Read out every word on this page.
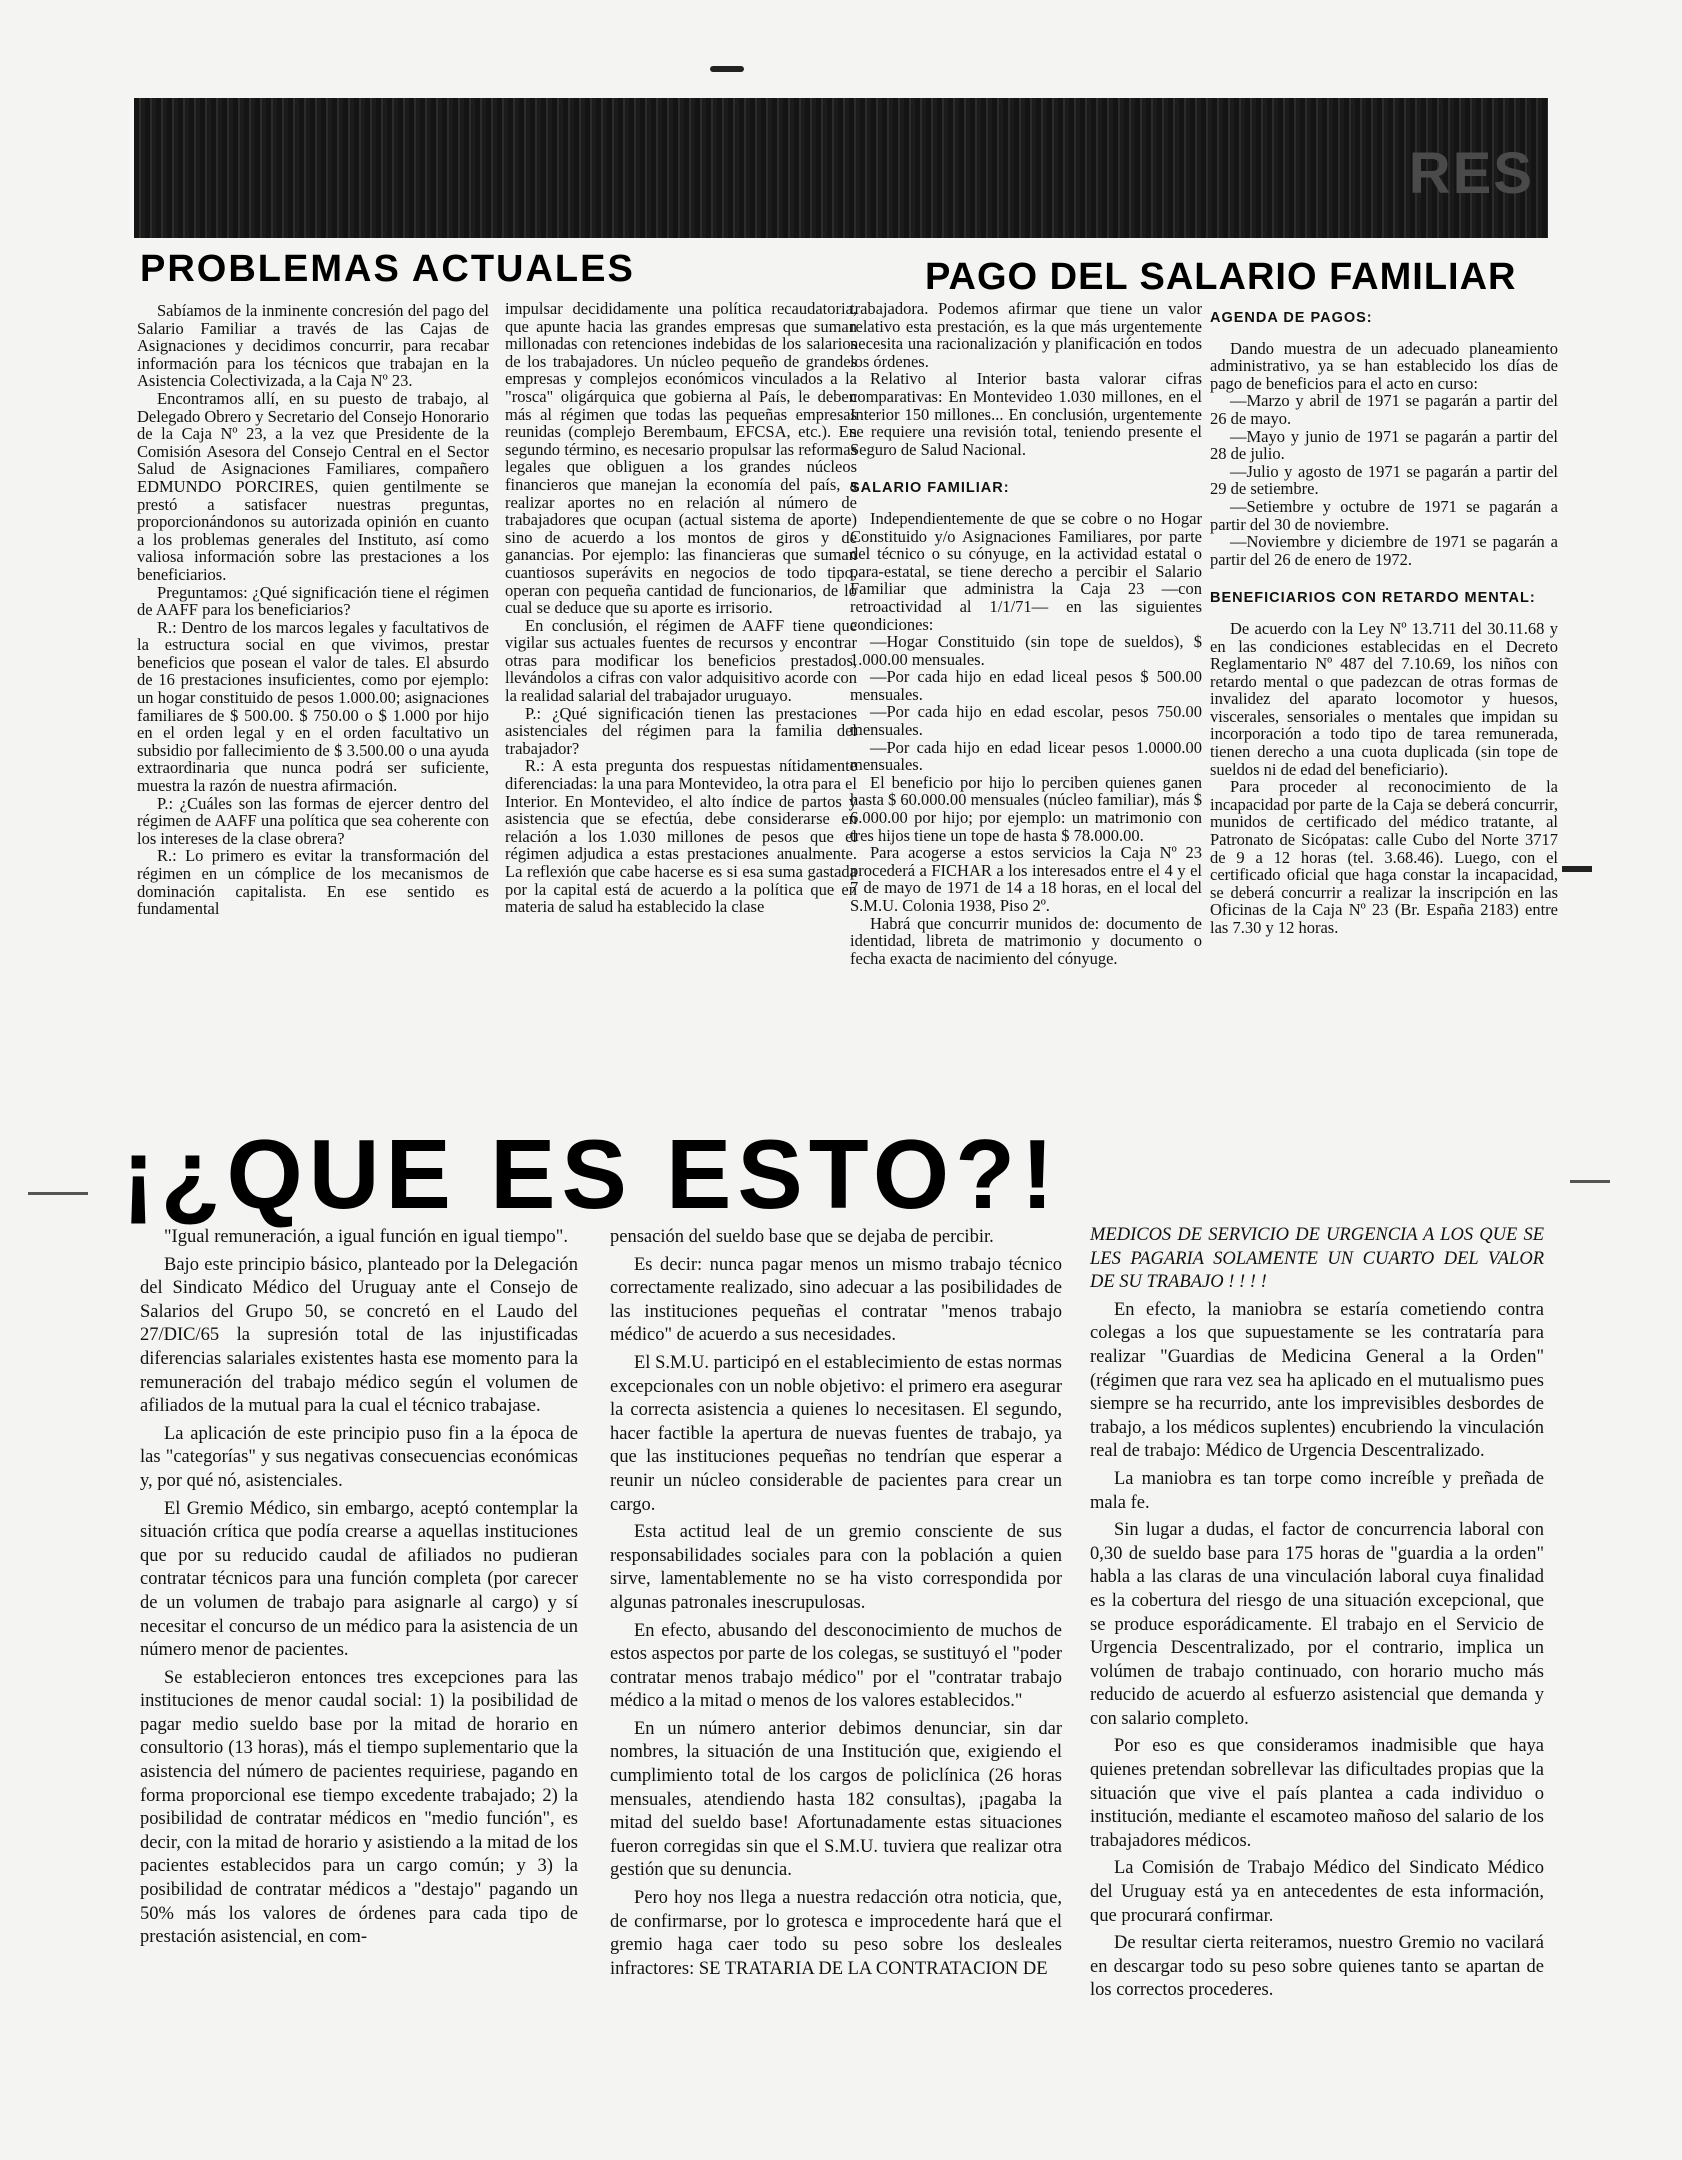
RES
PROBLEMAS ACTUALES	PAGO DEL SALARIO FAMILIAR

Sabíamos de la inminente concresión del pago del Salario Familiar a través de las Cajas de Asignaciones y decidimos concurrir, para recabar información para los técnicos que trabajan en la Asistencia Colectivizada, a la Caja Nº 23.

Encontramos allí, en su puesto de trabajo, al Delegado Obrero y Secretario del Consejo Honorario de la Caja Nº 23, a la vez que Presidente de la Comisión Asesora del Consejo Central en el Sector Salud de Asignaciones Familiares, compañero EDMUNDO PORCIRES, quien gentilmente se prestó a satisfacer nuestras preguntas, proporcionándonos su autorizada opinión en cuanto a los problemas generales del Instituto, así como valiosa información sobre las prestaciones a los beneficiarios.

Preguntamos: ¿Qué significación tiene el régimen de AAFF para los beneficiarios?

R.: Dentro de los marcos legales y facultativos de la estructura social en que vivimos, prestar beneficios que posean el valor de tales. El absurdo de 16 prestaciones insuficientes, como por ejemplo: un hogar constituido de pesos 1.000.00; asignaciones familiares de $ 500.00. $ 750.00 o $ 1.000 por hijo en el orden legal y en el orden facultativo un subsidio por fallecimiento de $ 3.500.00 o una ayuda extraordinaria que nunca podrá ser suficiente, muestra la razón de nuestra afirmación.

P.: ¿Cuáles son las formas de ejercer dentro del régimen de AAFF una política que sea coherente con los intereses de la clase obrera?

R.: Lo primero es evitar la transformación del régimen en un cómplice de los mecanismos de dominación capitalista. En ese sentido es fundamental

impulsar decididamente una política recaudatoria, que apunte hacia las grandes empresas que suman millonadas con retenciones indebidas de los salarios de los trabajadores. Un núcleo pequeño de grandes empresas y complejos económicos vinculados a la "rosca" oligárquica que gobierna al País, le deben más al régimen que todas las pequeñas empresas reunidas (complejo Berembaum, EFCSA, etc.). En segundo término, es necesario propulsar las reformas legales que obliguen a los grandes núcleos financieros que manejan la economía del país, a realizar aportes no en relación al número de trabajadores que ocupan (actual sistema de aporte) sino de acuerdo a los montos de giros y de ganancias. Por ejemplo: las financieras que suman cuantiosos superávits en negocios de todo tipo, operan con pequeña cantidad de funcionarios, de lo cual se deduce que su aporte es irrisorio.

En conclusión, el régimen de AAFF tiene que vigilar sus actuales fuentes de recursos y encontrar otras para modificar los beneficios prestados, llevándolos a cifras con valor adquisitivo acorde con la realidad salarial del trabajador uruguayo.

P.: ¿Qué significación tienen las prestaciones asistenciales del régimen para la familia del trabajador?

R.: A esta pregunta dos respuestas nítidamente diferenciadas: la una para Montevideo, la otra para el Interior. En Montevideo, el alto índice de partos y asistencia que se efectúa, debe considerarse en relación a los 1.030 millones de pesos que el régimen adjudica a estas prestaciones anualmente. La reflexión que cabe hacerse es si esa suma gastada por la capital está de acuerdo a la política que en materia de salud ha establecido la clase

trabajadora. Podemos afirmar que tiene un valor relativo esta prestación, es la que más urgentemente necesita una racionalización y planificación en todos los órdenes.

Relativo al Interior basta valorar cifras comparativas: En Montevideo 1.030 millones, en el Interior 150 millones... En conclusión, urgentemente se requiere una revisión total, teniendo presente el Seguro de Salud Nacional.

SALARIO FAMILIAR:

Independientemente de que se cobre o no Hogar Constituido y/o Asignaciones Familiares, por parte del técnico o su cónyuge, en la actividad estatal o para-estatal, se tiene derecho a percibir el Salario Familiar que administra la Caja 23 —con retroactividad al 1/1/71— en las siguientes condiciones:

—Hogar Constituido (sin tope de sueldos), $ 1.000.00 mensuales.

—Por cada hijo en edad liceal pesos $ 500.00 mensuales.

—Por cada hijo en edad escolar, pesos 750.00 mensuales.

—Por cada hijo en edad licear pesos 1.0000.00 mensuales.

El beneficio por hijo lo perciben quienes ganen hasta $ 60.000.00 mensuales (núcleo familiar), más $ 6.000.00 por hijo; por ejemplo: un matrimonio con tres hijos tiene un tope de hasta $ 78.000.00.

Para acogerse a estos servicios la Caja Nº 23 procederá a FICHAR a los interesados entre el 4 y el 7 de mayo de 1971 de 14 a 18 horas, en el local del S.M.U. Colonia 1938, Piso 2º.

Habrá que concurrir munidos de: documento de identidad, libreta de matrimonio y documento o fecha exacta de nacimiento del cónyuge.

AGENDA DE PAGOS:

Dando muestra de un adecuado planeamiento administrativo, ya se han establecido los días de pago de beneficios para el acto en curso:

—Marzo y abril de 1971 se pagarán a partir del 26 de mayo.

—Mayo y junio de 1971 se pagarán a partir del 28 de julio.

—Julio y agosto de 1971 se pagarán a partir del 29 de setiembre.

—Setiembre y octubre de 1971 se pagarán a partir del 30 de noviembre.

—Noviembre y diciembre de 1971 se pagarán a partir del 26 de enero de 1972.

BENEFICIARIOS CON RETARDO MENTAL:

De acuerdo con la Ley Nº 13.711 del 30.11.68 y en las condiciones establecidas en el Decreto Reglamentario Nº 487 del 7.10.69, los niños con retardo mental o que padezcan de otras formas de invalidez del aparato locomotor y huesos, viscerales, sensoriales o mentales que impidan su incorporación a todo tipo de tarea remunerada, tienen derecho a una cuota duplicada (sin tope de sueldos ni de edad del beneficiario).

Para proceder al reconocimiento de la incapacidad por parte de la Caja se deberá concurrir, munidos de certificado del médico tratante, al Patronato de Sicópatas: calle Cubo del Norte 3717 de 9 a 12 horas (tel. 3.68.46). Luego, con el certificado oficial que haga constar la incapacidad, se deberá concurrir a realizar la inscripción en las Oficinas de la Caja Nº 23 (Br. España 2183) entre las 7.30 y 12 horas.

¡¿QUE ES ESTO?!

"Igual remuneración, a igual función en igual tiempo".

Bajo este principio básico, planteado por la Delegación del Sindicato Médico del Uruguay ante el Consejo de Salarios del Grupo 50, se concretó en el Laudo del 27/DIC/65 la supresión total de las injustificadas diferencias salariales existentes hasta ese momento para la remuneración del trabajo médico según el volumen de afiliados de la mutual para la cual el técnico trabajase.

La aplicación de este principio puso fin a la época de las "categorías" y sus negativas consecuencias económicas y, por qué nó, asistenciales.

El Gremio Médico, sin embargo, aceptó contemplar la situación crítica que podía crearse a aquellas instituciones que por su reducido caudal de afiliados no pudieran contratar técnicos para una función completa (por carecer de un volumen de trabajo para asignarle al cargo) y sí necesitar el concurso de un médico para la asistencia de un número menor de pacientes.

Se establecieron entonces tres excepciones para las instituciones de menor caudal social: 1) la posibilidad de pagar medio sueldo base por la mitad de horario en consultorio (13 horas), más el tiempo suplementario que la asistencia del número de pacientes requiriese, pagando en forma proporcional ese tiempo excedente trabajado; 2) la posibilidad de contratar médicos en "medio función", es decir, con la mitad de horario y asistiendo a la mitad de los pacientes establecidos para un cargo común; y 3) la posibilidad de contratar médicos a "destajo" pagando un 50% más los valores de órdenes para cada tipo de prestación asistencial, en com-

pensación del sueldo base que se dejaba de percibir.

Es decir: nunca pagar menos un mismo trabajo técnico correctamente realizado, sino adecuar a las posibilidades de las instituciones pequeñas el contratar "menos trabajo médico" de acuerdo a sus necesidades.

El S.M.U. participó en el establecimiento de estas normas excepcionales con un noble objetivo: el primero era asegurar la correcta asistencia a quienes lo necesitasen. El segundo, hacer factible la apertura de nuevas fuentes de trabajo, ya que las instituciones pequeñas no tendrían que esperar a reunir un núcleo considerable de pacientes para crear un cargo.

Esta actitud leal de un gremio consciente de sus responsabilidades sociales para con la población a quien sirve, lamentablemente no se ha visto correspondida por algunas patronales inescrupulosas.

En efecto, abusando del desconocimiento de muchos de estos aspectos por parte de los colegas, se sustituyó el "poder contratar menos trabajo médico" por el "contratar trabajo médico a la mitad o menos de los valores establecidos."

En un número anterior debimos denunciar, sin dar nombres, la situación de una Institución que, exigiendo el cumplimiento total de los cargos de policlínica (26 horas mensuales, atendiendo hasta 182 consultas), ¡pagaba la mitad del sueldo base! Afortunadamente estas situaciones fueron corregidas sin que el S.M.U. tuviera que realizar otra gestión que su denuncia.

Pero hoy nos llega a nuestra redacción otra noticia, que, de confirmarse, por lo grotesca e improcedente hará que el gremio haga caer todo su peso sobre los desleales infractores: SE TRATARIA DE LA CONTRATACION DE

MEDICOS DE SERVICIO DE URGENCIA A LOS QUE SE LES PAGARIA SOLAMENTE UN CUARTO DEL VALOR DE SU TRABAJO ! ! ! !

En efecto, la maniobra se estaría cometiendo contra colegas a los que supuestamente se les contrataría para realizar "Guardias de Medicina General a la Orden" (régimen que rara vez sea ha aplicado en el mutualismo pues siempre se ha recurrido, ante los imprevisibles desbordes de trabajo, a los médicos suplentes) encubriendo la vinculación real de trabajo: Médico de Urgencia Descentralizado.

La maniobra es tan torpe como increíble y preñada de mala fe.

Sin lugar a dudas, el factor de concurrencia laboral con 0,30 de sueldo base para 175 horas de "guardia a la orden" habla a las claras de una vinculación laboral cuya finalidad es la cobertura del riesgo de una situación excepcional, que se produce esporádicamente. El trabajo en el Servicio de Urgencia Descentralizado, por el contrario, implica un volúmen de trabajo continuado, con horario mucho más reducido de acuerdo al esfuerzo asistencial que demanda y con salario completo.

Por eso es que consideramos inadmisible que haya quienes pretendan sobrellevar las dificultades propias que la situación que vive el país plantea a cada individuo o institución, mediante el escamoteo mañoso del salario de los trabajadores médicos.

La Comisión de Trabajo Médico del Sindicato Médico del Uruguay está ya en antecedentes de esta información, que procurará confirmar.

De resultar cierta reiteramos, nuestro Gremio no vacilará en descargar todo su peso sobre quienes tanto se apartan de los correctos procederes.
